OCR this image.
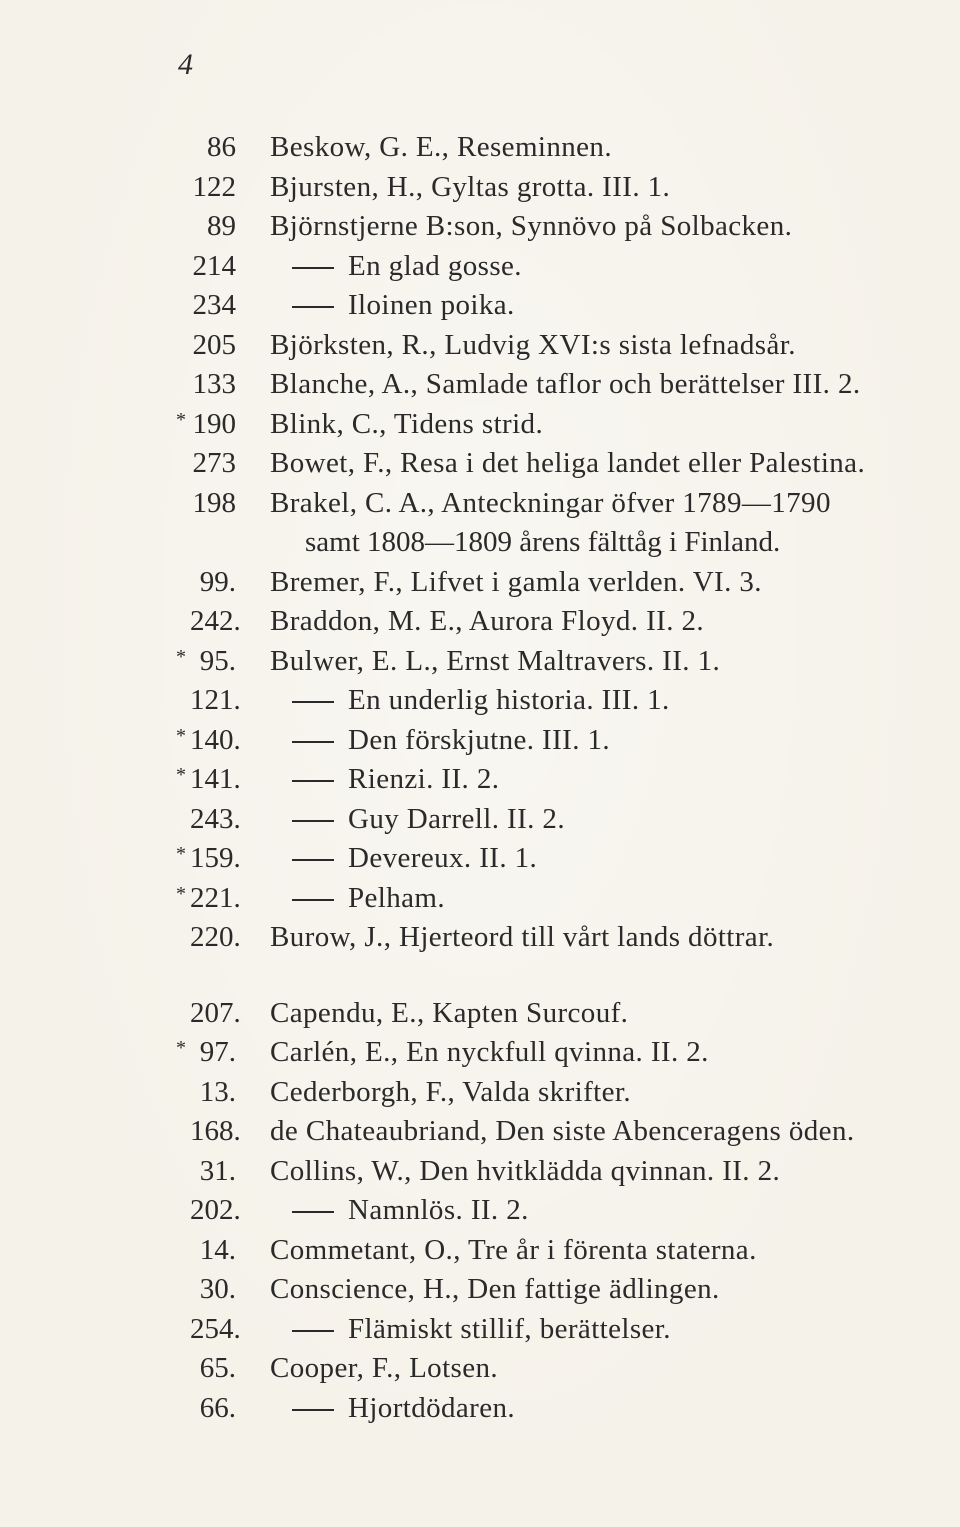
4
86 Beskow, G. E., Reseminnen.
122 Bjursten, H., Gyltas grotta. III. 1.
89 Björnstjerne B:son, Synnövo på Solbacken.
214	En glad gosse.
234	Iloinen poika.
205 Björksten, R., Ludvig XVI:s sista lefnadsår.
133 Blanche, A., Samlade taflor och berättelser III. 2.
* 190 Blink, C., Tidens strid.
273 Bowet, F., Resa i det heliga landet eller Palestina.
198 Brakel, C. A., Anteckningar öfver 1789—1790
samt 1808—1809 årens fälttåg i Finland.
99. Bremer, F., Lifvet i gamla verlden. VI. 3.
242. Braddon, M. E., Aurora Floyd. II. 2.
* 95. Bulwer, E. L., Ernst Maltravers. II. 1.
121.	En underlig historia. III. 1.
* 140.	Den förskjutne. III. 1.
* 141.	Rienzi. II. 2.
243.	Guy Darrell. II. 2.
* 159.	Devereux. II. 1.
* 221.	Pelham.
220. Burow, J., Hjerteord till vårt lands döttrar.
207. Capendu, E., Kapten Surcouf.
* 97. Carlén, E., En nyckfull qvinna. II. 2.
13. Cederborgh, F., Valda skrifter.
168. de Chateaubriand, Den siste Abenceragens öden.
31. Collins, W., Den hvitklädda qvinnan. II. 2.
202.	Namnlös. II. 2.
14. Commetant, O., Tre år i förenta staterna.
30. Conscience, H., Den fattige ädlingen.
254.	Flämiskt stillif, berättelser.
65. Cooper, F., Lotsen.
66.	Hjortdödaren.
